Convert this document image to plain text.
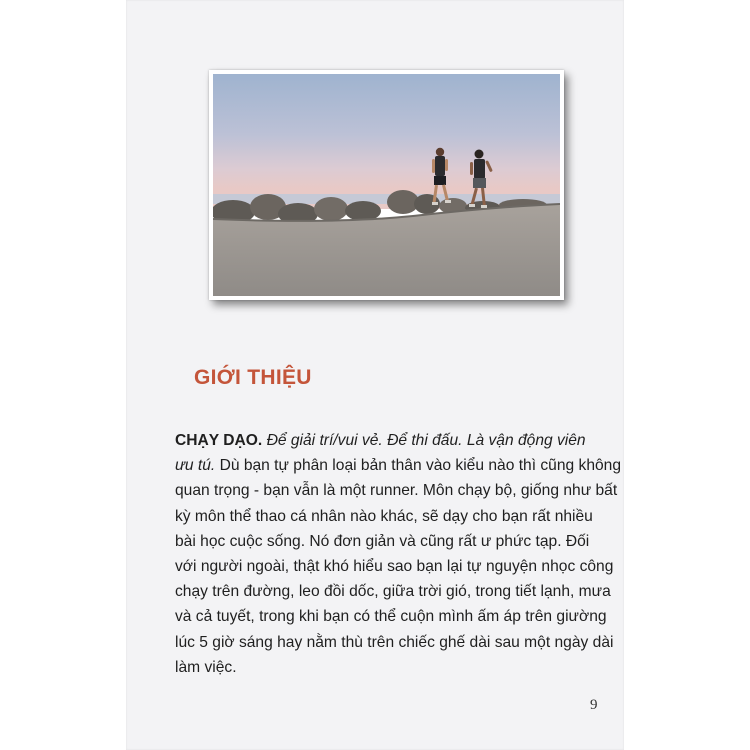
GIỚI THIỆU
CHẠY DẠO. Để giải trí/vui vẻ. Để thi đấu. Là vận động viên
ưu tú. Dù bạn tự phân loại bản thân vào kiểu nào thì cũng không
quan trọng - bạn vẫn là một runner. Môn chạy bộ, giống như bất
kỳ môn thể thao cá nhân nào khác, sẽ dạy cho bạn rất nhiều
bài học cuộc sống. Nó đơn giản và cũng rất ư phức tạp. Đối
với người ngoài, thật khó hiểu sao bạn lại tự nguyện nhọc công
chạy trên đường, leo đồi dốc, giữa trời gió, trong tiết lạnh, mưa
và cả tuyết, trong khi bạn có thể cuộn mình ấm áp trên giường
lúc 5 giờ sáng hay nằm thù trên chiếc ghế dài sau một ngày dài
làm việc.
9
